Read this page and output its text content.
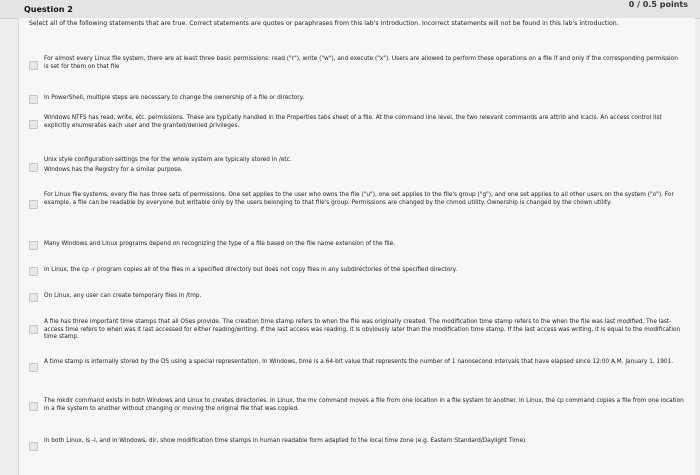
Question 2
0 / 0.5 points
Select all of the following statements that are true. Correct statements are quotes or paraphrases from this lab's Introduction. Incorrect statements will not be found in this lab's introduction.
For almost every Linux file system, there are at least three basic permissions: read ("r"), write ("w"), and execute ("x"). Users are allowed to perform these operations on a file if and only if the corresponding permission is set for them on that file
In PowerShell, multiple steps are necessary to change the ownership of a file or directory.
Windows NTFS has read, write, etc. permissions. These are typically handled in the Properties tabs sheet of a file. At the command line level, the two relevant commands are attrib and icacls. An access control list explicitly enumerates each user and the granted/denied privileges.
Unix style configuration settings the for the whole system are typically stored in /etc.
Windows has the Registry for a similar purpose.
For Linux file systems, every file has three sets of permissions. One set applies to the user who owns the file ("u"), one set applies to the file's group ("g"), and one set applies to all other users on the system ("o"). For example, a file can be readable by everyone but writable only by the users belonging to that file's group. Permissions are changed by the chmod utility. Ownership is changed by the chown utility.
Many Windows and Linux programs depend on recognizing the type of a file based on the file name extension of the file.
In Linux, the cp -r program copies all of the files in a specified directory but does not copy files in any subdirectories of the specified directory.
On Linux, any user can create temporary files in /tmp.
A file has three important time stamps that all OSes provide. The creation time stamp refers to when the file was originally created. The modification time stamp refers to the when the file was last modified. The last-access time refers to when was it last accessed for either reading/writing. If the last access was reading, it is obviously later than the modification time stamp. If the last access was writing, it is equal to the modification time stamp.
A time stamp is internally stored by the OS using a special representation. In Windows, time is a 64-bit value that represents the number of 1 nanosecond intervals that have elapsed since 12:00 A.M. January 1, 1901.
The mkdir command exists in both Windows and Linux to creates directories. In Linux, the mv command moves a file from one location in a file system to another. In Linux, the cp command copies a file from one location in a file system to another without changing or moving the original file that was copied.
In both Linux, ls -l, and in Windows, dir, show modification time stamps in human readable form adapted to the local time zone (e.g. Eastern Standard/Daylight Time).
